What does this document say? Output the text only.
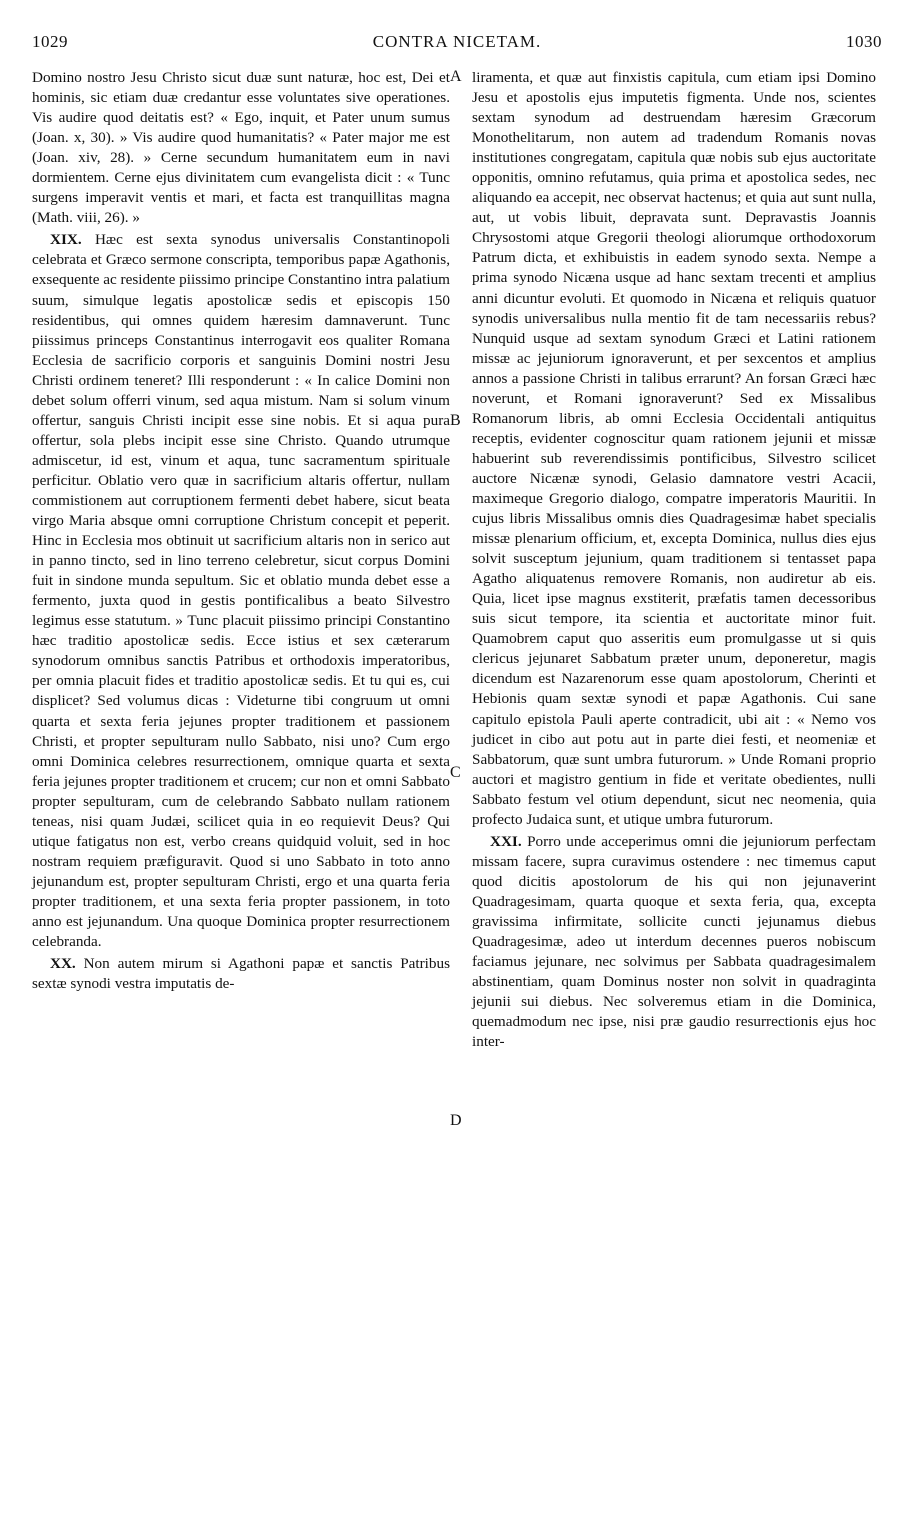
1029	CONTRA NICETAM.	1030
A
B
C
D

Domino nostro Jesu Christo sicut duæ sunt naturæ, hoc est, Dei et hominis, sic etiam duæ credantur esse voluntates sive operationes. Vis audire quod deitatis est? « Ego, inquit, et Pater unum sumus (Joan. x, 30). » Vis audire quod humanitatis? « Pater major me est (Joan. xiv, 28). » Cerne secundum humanitatem eum in navi dormientem. Cerne ejus divinitatem cum evangelista dicit : « Tunc surgens imperavit ventis et mari, et facta est tranquillitas magna (Math. viii, 26). »

XIX. Hæc est sexta synodus universalis Constantinopoli celebrata et Græco sermone conscripta, temporibus papæ Agathonis, exsequente ac residente piissimo principe Constantino intra palatium suum, simulque legatis apostolicæ sedis et episcopis 150 residentibus, qui omnes quidem hæresim damnaverunt. Tunc piissimus princeps Constantinus interrogavit eos qualiter Romana Ecclesia de sacrificio corporis et sanguinis Domini nostri Jesu Christi ordinem teneret? Illi responderunt : « In calice Domini non debet solum offerri vinum, sed aqua mistum. Nam si solum vinum offertur, sanguis Christi incipit esse sine nobis. Et si aqua pura offertur, sola plebs incipit esse sine Christo. Quando utrumque admiscetur, id est, vinum et aqua, tunc sacramentum spirituale perficitur. Oblatio vero quæ in sacrificium altaris offertur, nullam commistionem aut corruptionem fermenti debet habere, sicut beata virgo Maria absque omni corruptione Christum concepit et peperit. Hinc in Ecclesia mos obtinuit ut sacrificium altaris non in serico aut in panno tincto, sed in lino terreno celebretur, sicut corpus Domini fuit in sindone munda sepultum. Sic et oblatio munda debet esse a fermento, juxta quod in gestis pontificalibus a beato Silvestro legimus esse statutum. » Tunc placuit piissimo principi Constantino hæc traditio apostolicæ sedis. Ecce istius et sex cæterarum synodorum omnibus sanctis Patribus et orthodoxis imperatoribus, per omnia placuit fides et traditio apostolicæ sedis. Et tu qui es, cui displicet? Sed volumus dicas : Videturne tibi congruum ut omni quarta et sexta feria jejunes propter traditionem et passionem Christi, et propter sepulturam nullo Sabbato, nisi uno? Cum ergo omni Dominica celebres resurrectionem, omnique quarta et sexta feria jejunes propter traditionem et crucem; cur non et omni Sabbato propter sepulturam, cum de celebrando Sabbato nullam rationem teneas, nisi quam Judæi, scilicet quia in eo requievit Deus? Qui utique fatigatus non est, verbo creans quidquid voluit, sed in hoc nostram requiem præfiguravit. Quod si uno Sabbato in toto anno jejunandum est, propter sepulturam Christi, ergo et una quarta feria propter traditionem, et una sexta feria propter passionem, in toto anno est jejunandum. Una quoque Dominica propter resurrectionem celebranda.

XX. Non autem mirum si Agathoni papæ et sanctis Patribus sextæ synodi vestra imputatis de-

liramenta, et quæ aut finxistis capitula, cum etiam ipsi Domino Jesu et apostolis ejus imputetis figmenta. Unde nos, scientes sextam synodum ad destruendam hæresim Græcorum Monothelitarum, non autem ad tradendum Romanis novas institutiones congregatam, capitula quæ nobis sub ejus auctoritate opponitis, omnino refutamus, quia prima et apostolica sedes, nec aliquando ea accepit, nec observat hactenus; et quia aut sunt nulla, aut, ut vobis libuit, depravata sunt. Depravastis Joannis Chrysostomi atque Gregorii theologi aliorumque orthodoxorum Patrum dicta, et exhibuistis in eadem synodo sexta. Nempe a prima synodo Nicæna usque ad hanc sextam trecenti et amplius anni dicuntur evoluti. Et quomodo in Nicæna et reliquis quatuor synodis universalibus nulla mentio fit de tam necessariis rebus? Nunquid usque ad sextam synodum Græci et Latini rationem missæ ac jejuniorum ignoraverunt, et per sexcentos et amplius annos a passione Christi in talibus errarunt? An forsan Græci hæc noverunt, et Romani ignoraverunt? Sed ex Missalibus Romanorum libris, ab omni Ecclesia Occidentali antiquitus receptis, evidenter cognoscitur quam rationem jejunii et missæ habuerint sub reverendissimis pontificibus, Silvestro scilicet auctore Nicænæ synodi, Gelasio damnatore vestri Acacii, maximeque Gregorio dialogo, compatre imperatoris Mauritii. In cujus libris Missalibus omnis dies Quadragesimæ habet specialis missæ plenarium officium, et, excepta Dominica, nullus dies ejus solvit susceptum jejunium, quam traditionem si tentasset papa Agatho aliquatenus removere Romanis, non audiretur ab eis. Quia, licet ipse magnus exstiterit, præfatis tamen decessoribus suis sicut tempore, ita scientia et auctoritate minor fuit. Quamobrem caput quo asseritis eum promulgasse ut si quis clericus jejunaret Sabbatum præter unum, deponeretur, magis dicendum est Nazarenorum esse quam apostolorum, Cherinti et Hebionis quam sextæ synodi et papæ Agathonis. Cui sane capitulo epistola Pauli aperte contradicit, ubi ait : « Nemo vos judicet in cibo aut potu aut in parte diei festi, et neomeniæ et Sabbatorum, quæ sunt umbra futurorum. » Unde Romani proprio auctori et magistro gentium in fide et veritate obedientes, nulli Sabbato festum vel otium dependunt, sicut nec neomenia, quia profecto Judaica sunt, et utique umbra futurorum.

XXI. Porro unde acceperimus omni die jejuniorum perfectam missam facere, supra curavimus ostendere : nec timemus caput quod dicitis apostolorum de his qui non jejunaverint Quadragesimam, quarta quoque et sexta feria, qua, excepta gravissima infirmitate, sollicite cuncti jejunamus diebus Quadragesimæ, adeo ut interdum decennes pueros nobiscum faciamus jejunare, nec solvimus per Sabbata quadragesimalem abstinentiam, quam Dominus noster non solvit in quadraginta jejunii sui diebus. Nec solveremus etiam in die Dominica, quemadmodum nec ipse, nisi præ gaudio resurrectionis ejus hoc inter-
